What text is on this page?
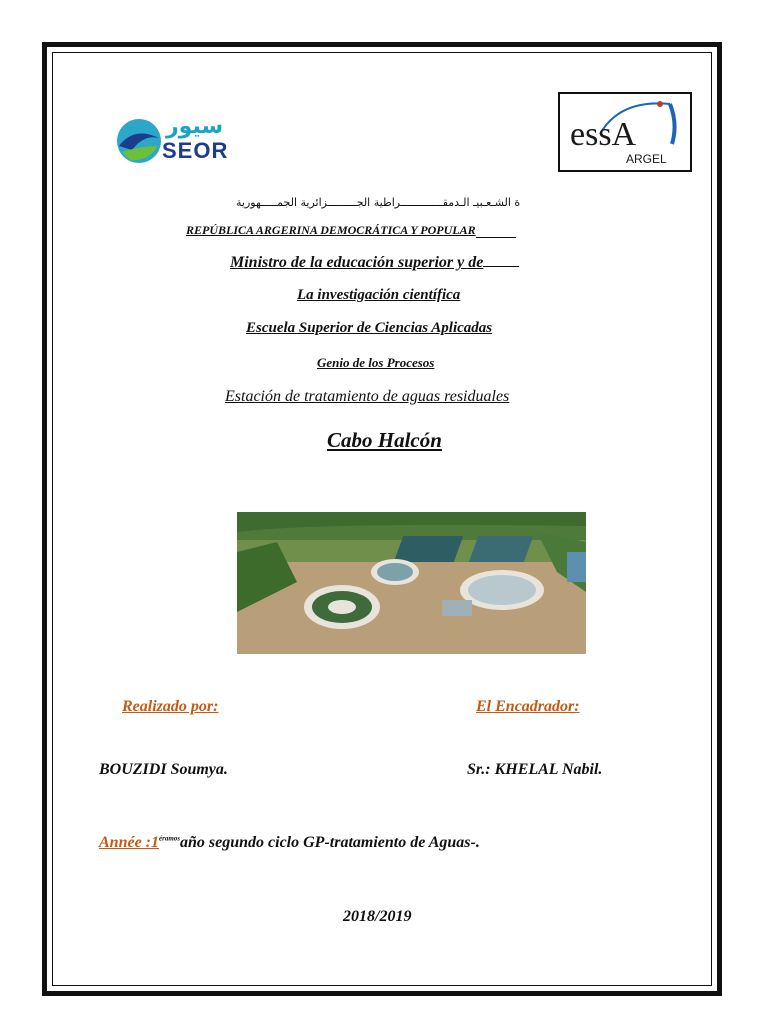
سيور
SEOR	essA
ARGEL
ة الشـعـبيـ الـدمقـــــــــــــراطية الجـــــــــزائرية الجمـــــهورية
REPÚBLICA ARGERINA DEMOCRÁTICA Y POPULAR
Ministro de la educación superior y de
La investigación científica
Escuela Superior de Ciencias Aplicadas
Genio de los Procesos
Estación de tratamiento de aguas residuales
Cabo Halcón
Realizado por:	El Encadrador:
BOUZIDI Soumya.	Sr.: KHELAL Nabil.
Année $:1^{éramos}año$ segundo ciclo GP-tratamiento de Aguas-.
2018/2019
